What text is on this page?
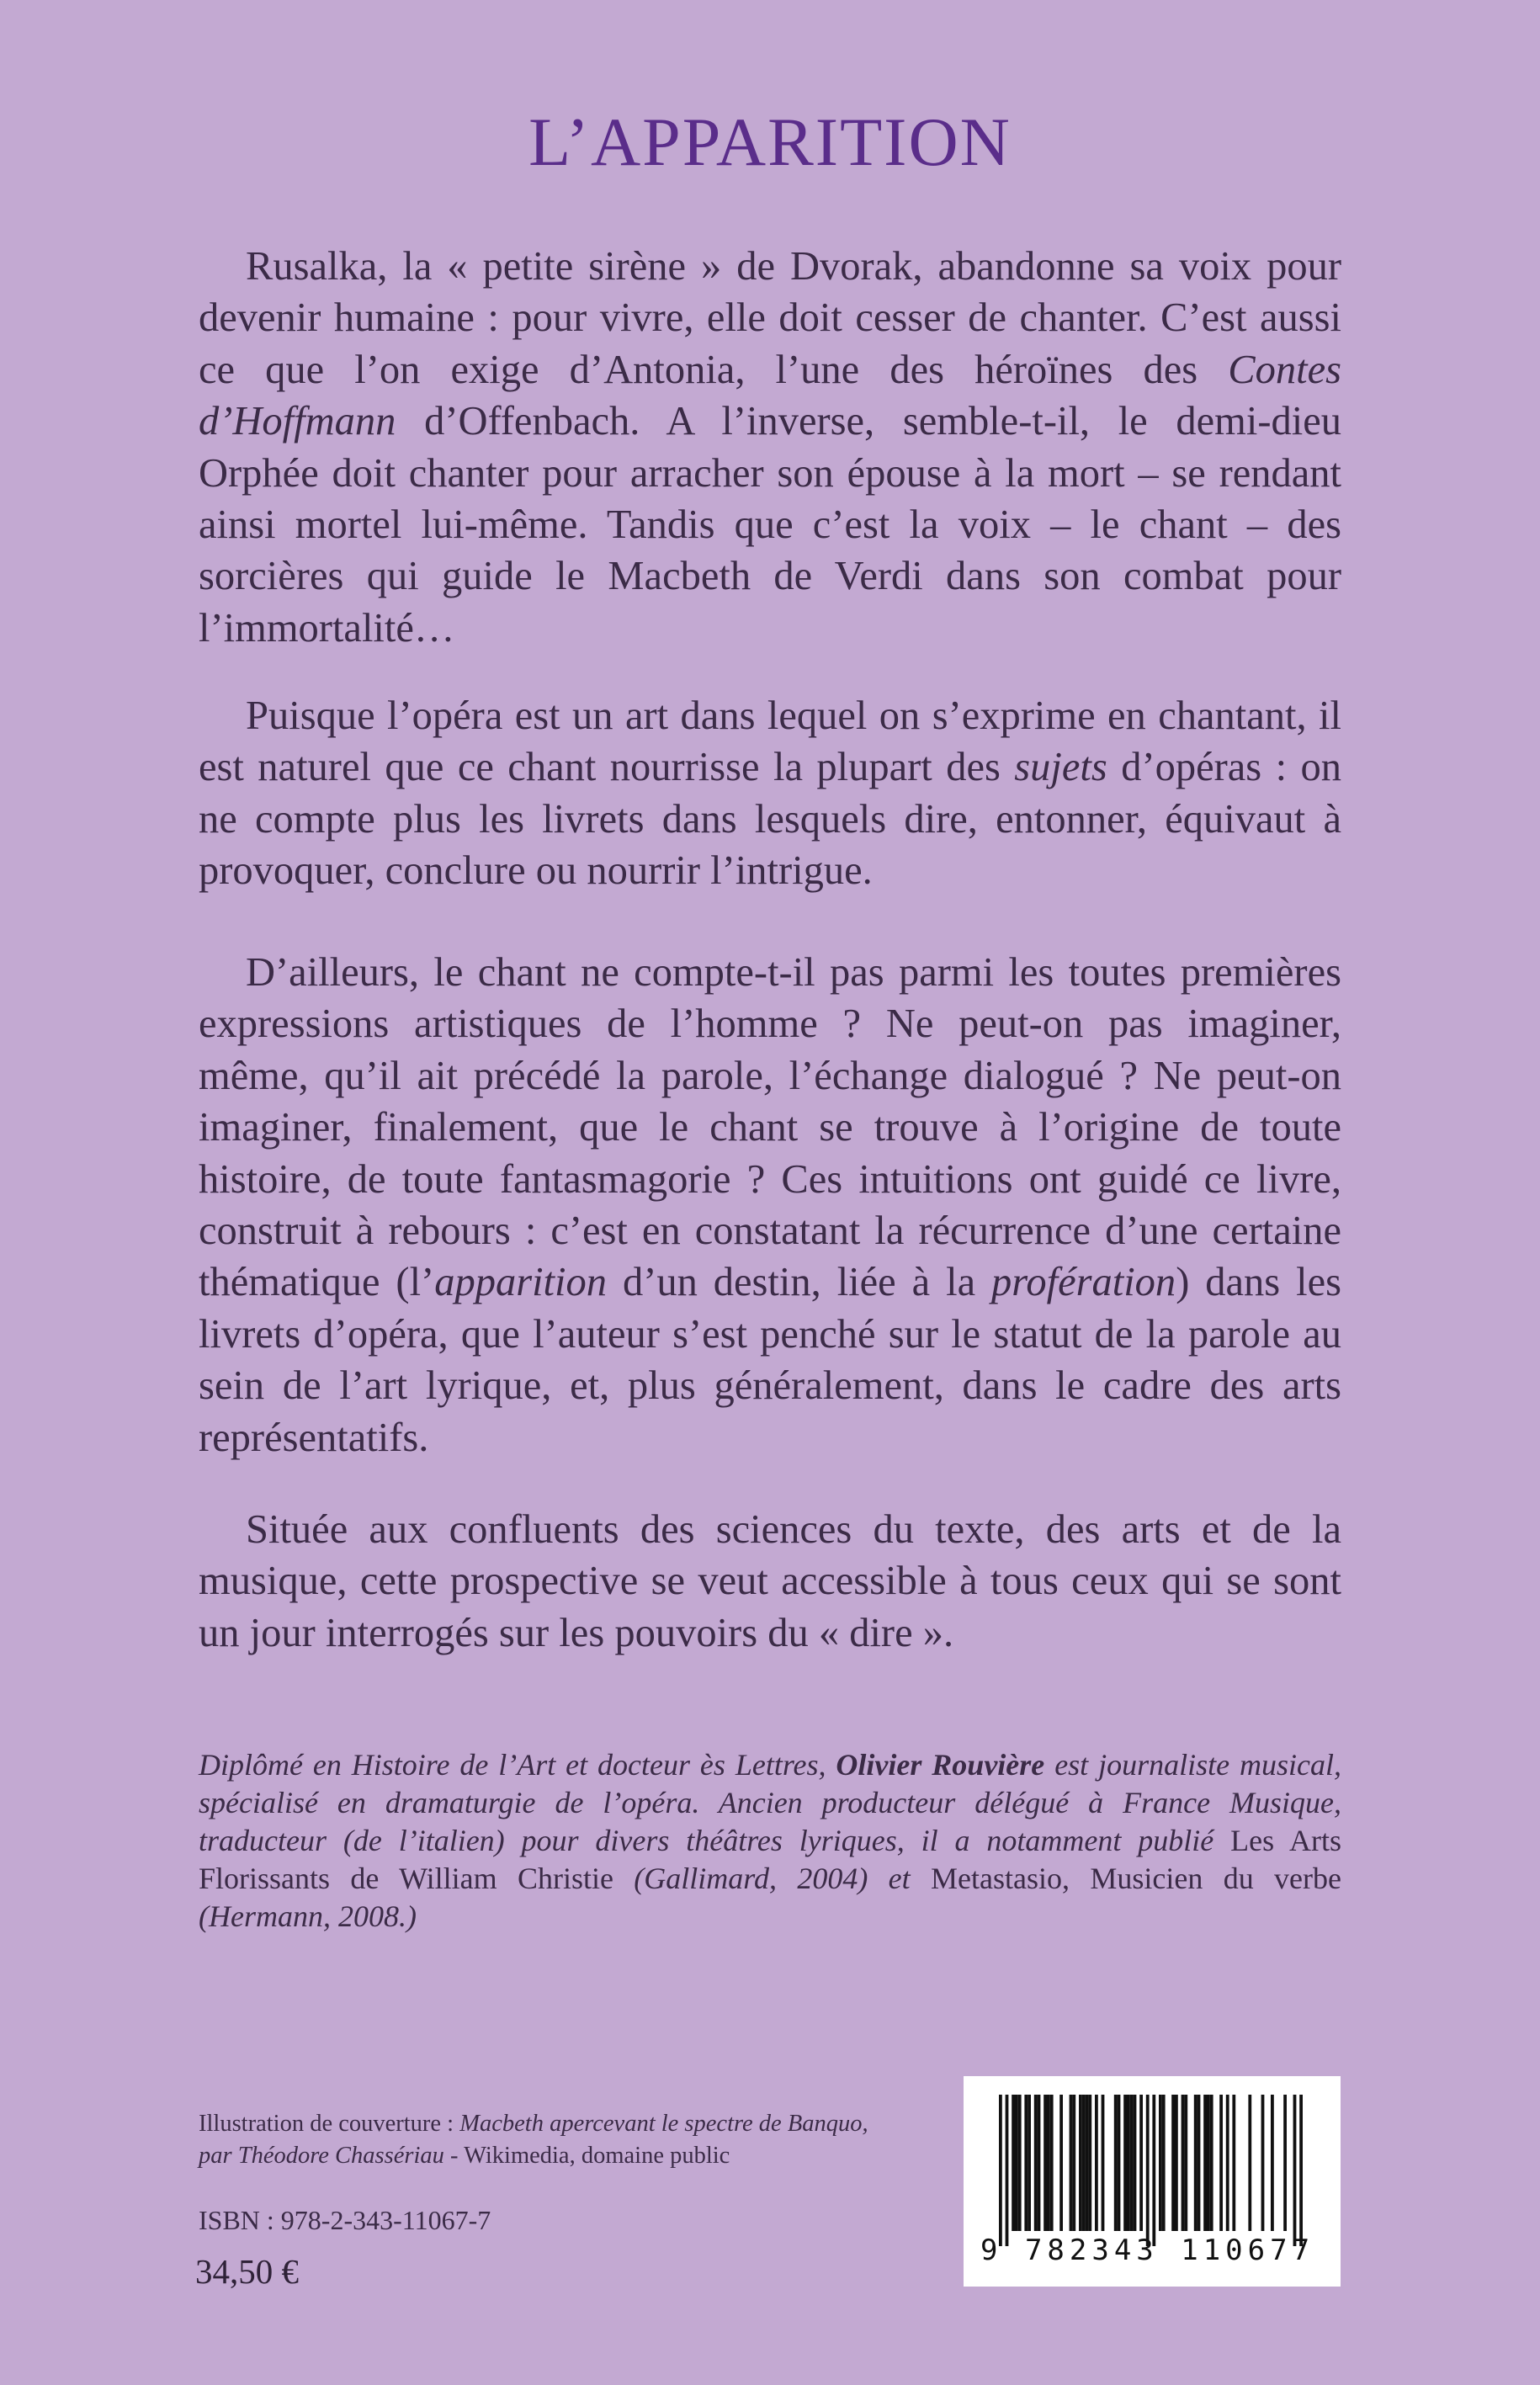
L’APPARITION

Rusalka, la « petite sirène » de Dvorak, abandonne sa voix pour devenir humaine : pour vivre, elle doit cesser de chanter. C’est aussi ce que l’on exige d’Antonia, l’une des héroïnes des Contes d’Hoffmann d’Offenbach. A l’inverse, semble-t-il, le demi-dieu Orphée doit chanter pour arracher son épouse à la mort – se rendant ainsi mortel lui-même. Tandis que c’est la voix – le chant – des sorcières qui guide le Macbeth de Verdi dans son combat pour l’immortalité…

Puisque l’opéra est un art dans lequel on s’exprime en chantant, il est naturel que ce chant nourrisse la plupart des sujets d’opéras : on ne compte plus les livrets dans lesquels dire, entonner, équivaut à provoquer, conclure ou nourrir l’intrigue.

D’ailleurs, le chant ne compte-t-il pas parmi les toutes premières expressions artistiques de l’homme ? Ne peut-on pas imaginer, même, qu’il ait précédé la parole, l’échange dialogué ? Ne peut-on imaginer, finalement, que le chant se trouve à l’origine de toute histoire, de toute fantasmagorie ? Ces intuitions ont guidé ce livre, construit à rebours : c’est en constatant la récurrence d’une certaine thématique (l’apparition d’un destin, liée à la profération) dans les livrets d’opéra, que l’auteur s’est penché sur le statut de la parole au sein de l’art lyrique, et, plus généralement, dans le cadre des arts représentatifs.

Située aux confluents des sciences du texte, des arts et de la musique, cette prospective se veut accessible à tous ceux qui se sont un jour interrogés sur les pouvoirs du « dire ».

Diplômé en Histoire de l’Art et docteur ès Lettres, Olivier Rouvière est journaliste musical, spécialisé en dramaturgie de l’opéra. Ancien producteur délégué à France Musique, traducteur (de l’italien) pour divers théâtres lyriques, il a notamment publié Les Arts Florissants de William Christie (Gallimard, 2004) et Metastasio, Musicien du verbe (Hermann, 2008.)

Illustration de couverture : Macbeth apercevant le spectre de Banquo,
par Théodore Chassériau - Wikimedia, domaine public
ISBN : 978-2-343-11067-7
34,50 €
9 782343 110677
